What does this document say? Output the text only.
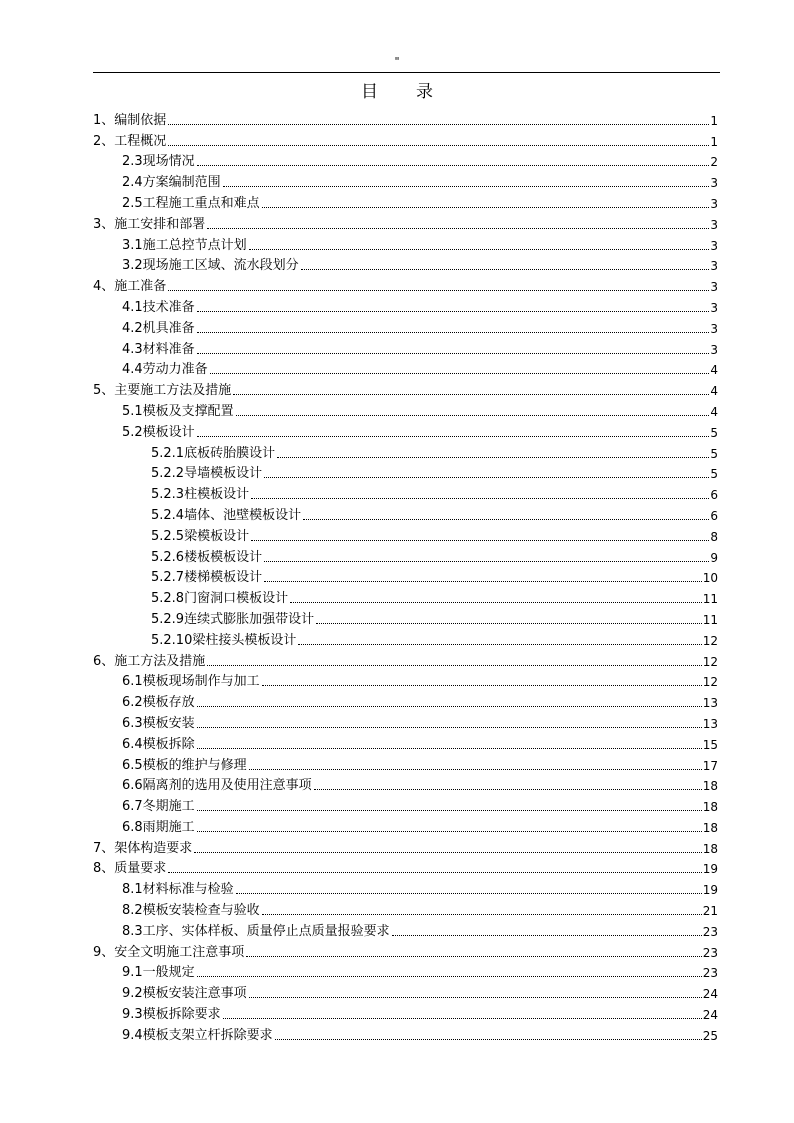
"
目录
1、编制依据	1
2、工程概况	1
2.3现场情况	2
2.4方案编制范围	3
2.5工程施工重点和难点	3
3、施工安排和部署	3
3.1施工总控节点计划	3
3.2现场施工区域、流水段划分	3
4、施工准备	3
4.1技术准备	3
4.2机具准备	3
4.3材料准备	3
4.4劳动力准备	4
5、主要施工方法及措施	4
5.1模板及支撑配置	4
5.2模板设计	5
5.2.1底板砖胎膜设计	5
5.2.2导墙模板设计	5
5.2.3柱模板设计	6
5.2.4墙体、池壁模板设计	6
5.2.5梁模板设计	8
5.2.6楼板模板设计	9
5.2.7楼梯模板设计	10
5.2.8门窗洞口模板设计	11
5.2.9连续式膨胀加强带设计	11
5.2.10梁柱接头模板设计	12
6、施工方法及措施	12
6.1模板现场制作与加工	12
6.2模板存放	13
6.3模板安装	13
6.4模板拆除	15
6.5模板的维护与修理	17
6.6隔离剂的选用及使用注意事项	18
6.7冬期施工	18
6.8雨期施工	18
7、架体构造要求	18
8、质量要求	19
8.1材料标准与检验	19
8.2模板安装检查与验收	21
8.3工序、实体样板、质量停止点质量报验要求	23
9、安全文明施工注意事项	23
9.1一般规定	23
9.2模板安装注意事项	24
9.3模板拆除要求	24
9.4模板支架立杆拆除要求	25
